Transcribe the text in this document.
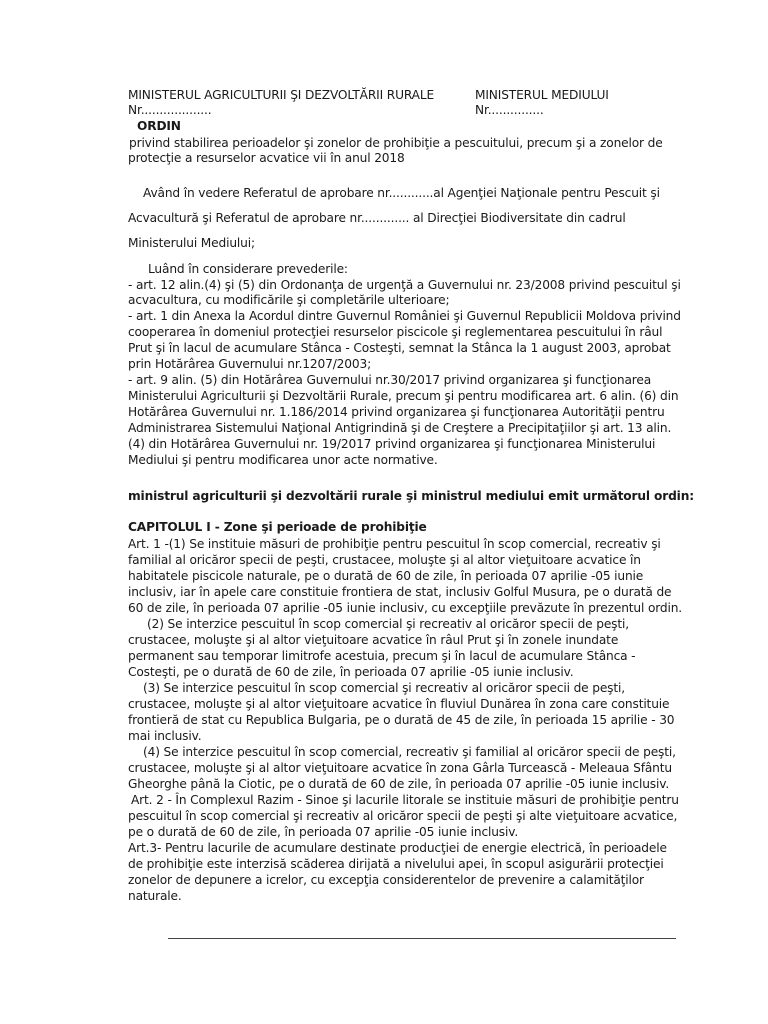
MINISTERUL AGRICULTURII ŞI DEZVOLTĂRII RURALE	MINISTERUL MEDIULUI
Nr...................	Nr...............
ORDIN
privind stabilirea perioadelor şi zonelor de prohibiţie a pescuitului, precum şi a zonelor de
protecţie a resurselor acvatice vii în anul 2018
Având în vedere Referatul de aprobare nr............al Agenţiei Naţionale pentru Pescuit şi
Acvacultură şi Referatul de aprobare nr............. al Direcţiei Biodiversitate din cadrul
Ministerului Mediului;
Luând în considerare prevederile:
- art. 12 alin.(4) şi (5) din Ordonanţa de urgenţă a Guvernului nr. 23/2008 privind pescuitul şi
acvacultura, cu modificările şi completările ulterioare;
- art. 1 din Anexa la Acordul dintre Guvernul României şi Guvernul Republicii Moldova privind
cooperarea în domeniul protecţiei resurselor piscicole şi reglementarea pescuitului în râul
Prut şi în lacul de acumulare Stânca - Costeşti, semnat la Stânca la 1 august 2003, aprobat
prin Hotărârea Guvernului nr.1207/2003;
- art. 9 alin. (5) din Hotărârea Guvernului nr.30/2017 privind organizarea şi funcţionarea
Ministerului Agriculturii şi Dezvoltării Rurale, precum şi pentru modificarea art. 6 alin. (6) din
Hotărârea Guvernului nr. 1.186/2014 privind organizarea şi funcţionarea Autorităţii pentru
Administrarea Sistemului Naţional Antigrindină şi de Creştere a Precipitaţiilor şi art. 13 alin.
(4) din Hotărârea Guvernului nr. 19/2017 privind organizarea şi funcţionarea Ministerului
Mediului şi pentru modificarea unor acte normative.
ministrul agriculturii şi dezvoltării rurale şi ministrul mediului emit următorul ordin:
CAPITOLUL I - Zone şi perioade de prohibiţie
Art. 1 -(1) Se instituie măsuri de prohibiţie pentru pescuitul în scop comercial, recreativ şi
familial al oricăror specii de peşti, crustacee, moluşte şi al altor vieţuitoare acvatice în
habitatele piscicole naturale, pe o durată de 60 de zile, în perioada 07 aprilie -05 iunie
inclusiv, iar în apele care constituie frontiera de stat, inclusiv Golful Musura, pe o durată de
60 de zile, în perioada 07 aprilie -05 iunie inclusiv, cu excepţiile prevăzute în prezentul ordin.
(2) Se interzice pescuitul în scop comercial şi recreativ al oricăror specii de peşti,
crustacee, moluşte şi al altor vieţuitoare acvatice în râul Prut şi în zonele inundate
permanent sau temporar limitrofe acestuia, precum şi în lacul de acumulare Stânca -
Costeşti, pe o durată de 60 de zile, în perioada 07 aprilie -05 iunie inclusiv.
(3) Se interzice pescuitul în scop comercial şi recreativ al oricăror specii de peşti,
crustacee, moluşte şi al altor vieţuitoare acvatice în fluviul Dunărea în zona care constituie
frontieră de stat cu Republica Bulgaria, pe o durată de 45 de zile, în perioada 15 aprilie - 30
mai inclusiv.
(4) Se interzice pescuitul în scop comercial, recreativ şi familial al oricăror specii de peşti,
crustacee, moluşte şi al altor vieţuitoare acvatice în zona Gârla Turcească - Meleaua Sfântu
Gheorghe până la Ciotic, pe o durată de 60 de zile, în perioada 07 aprilie -05 iunie inclusiv.
Art. 2 - În Complexul Razim - Sinoe şi lacurile litorale se instituie măsuri de prohibiţie pentru
pescuitul în scop comercial şi recreativ al oricăror specii de peşti şi alte vieţuitoare acvatice,
pe o durată de 60 de zile, în perioada 07 aprilie -05 iunie inclusiv.
Art.3- Pentru lacurile de acumulare destinate producţiei de energie electrică, în perioadele
de prohibiţie este interzisă scăderea dirijată a nivelului apei, în scopul asigurării protecţiei
zonelor de depunere a icrelor, cu excepţia considerentelor de prevenire a calamităţilor
naturale.
